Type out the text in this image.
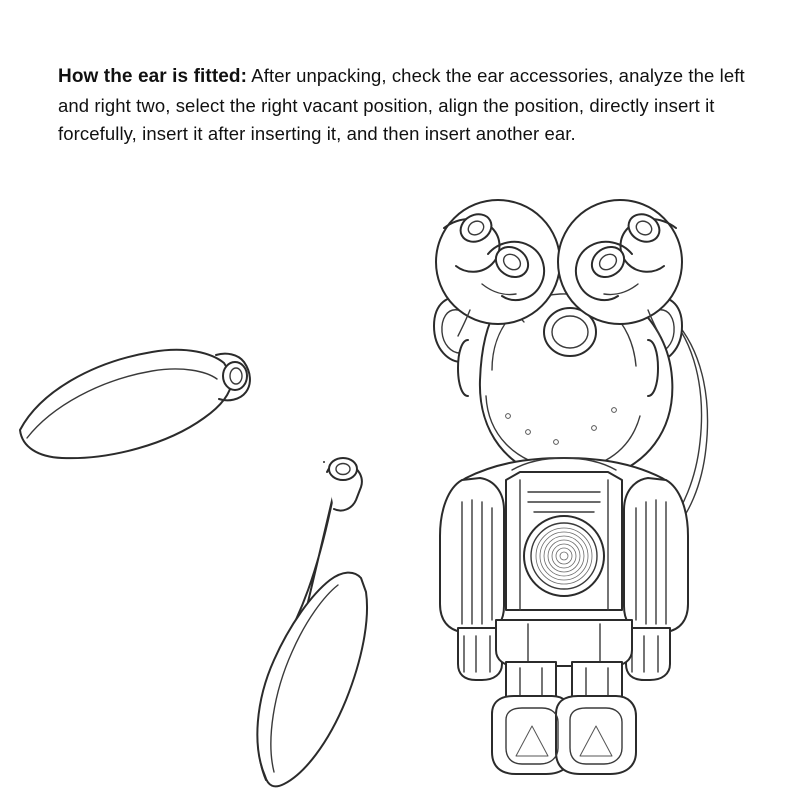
How the ear is fitted: After unpacking, check the ear accessories, analyze the left and right two, select the right vacant position, align the position, directly insert it forcefully, insert it after inserting it, and then insert another ear.
